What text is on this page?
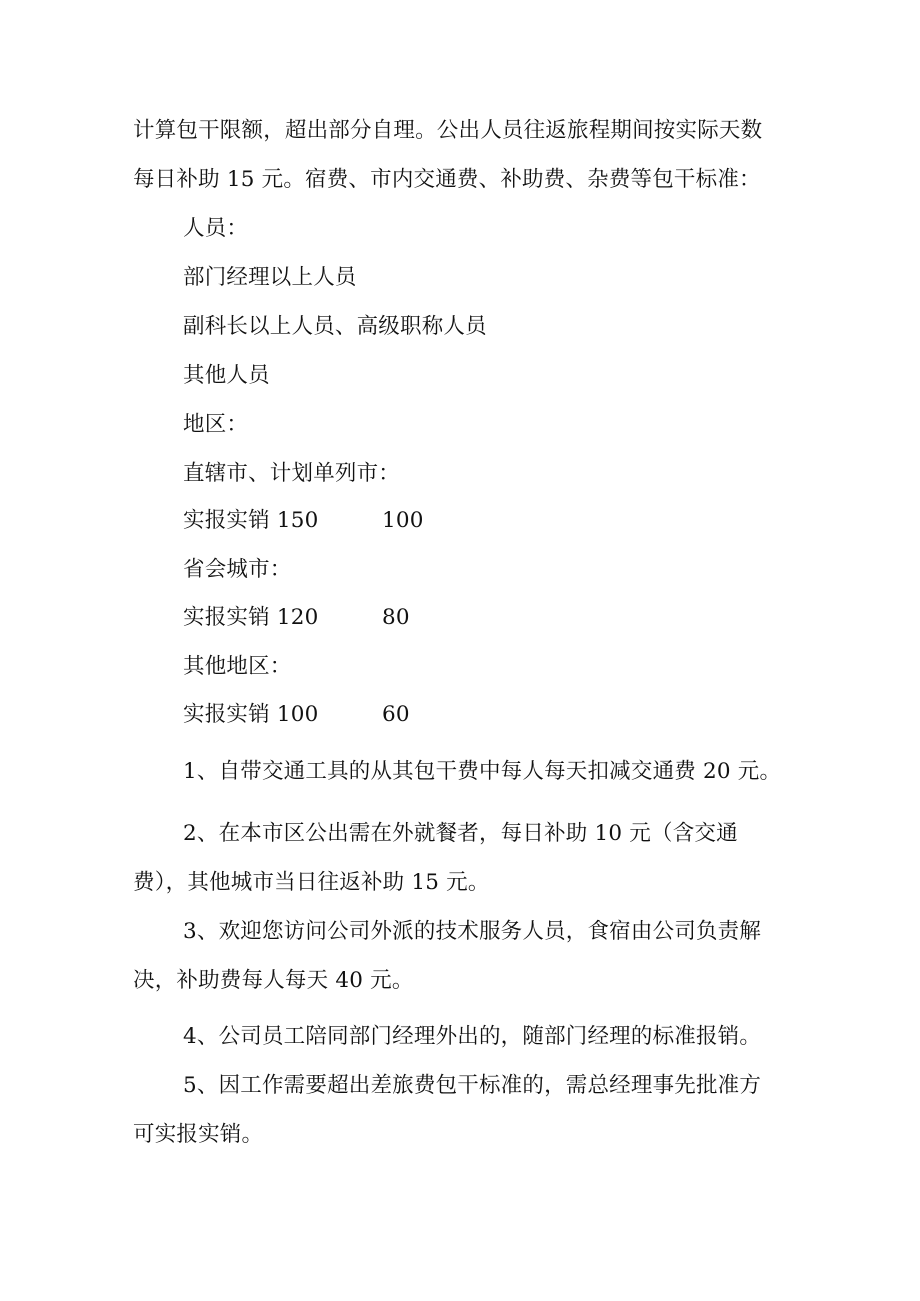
计算包干限额，超出部分自理。公出人员往返旅程期间按实际天数
每日补助 15 元。宿费、市内交通费、补助费、杂费等包干标准：
人员：
部门经理以上人员
副科长以上人员、高级职称人员
其他人员
地区：
直辖市、计划单列市：
实报实销 150	100
省会城市：
实报实销 120	80
其他地区：
实报实销 100	60
1、自带交通工具的从其包干费中每人每天扣减交通费 20 元。
2、在本市区公出需在外就餐者，每日补助 10 元（含交通
费），其他城市当日往返补助 15 元。
3、欢迎您访问公司外派的技术服务人员，食宿由公司负责解
决，补助费每人每天 40 元。
4、公司员工陪同部门经理外出的，随部门经理的标准报销。
5、因工作需要超出差旅费包干标准的，需总经理事先批准方
可实报实销。
